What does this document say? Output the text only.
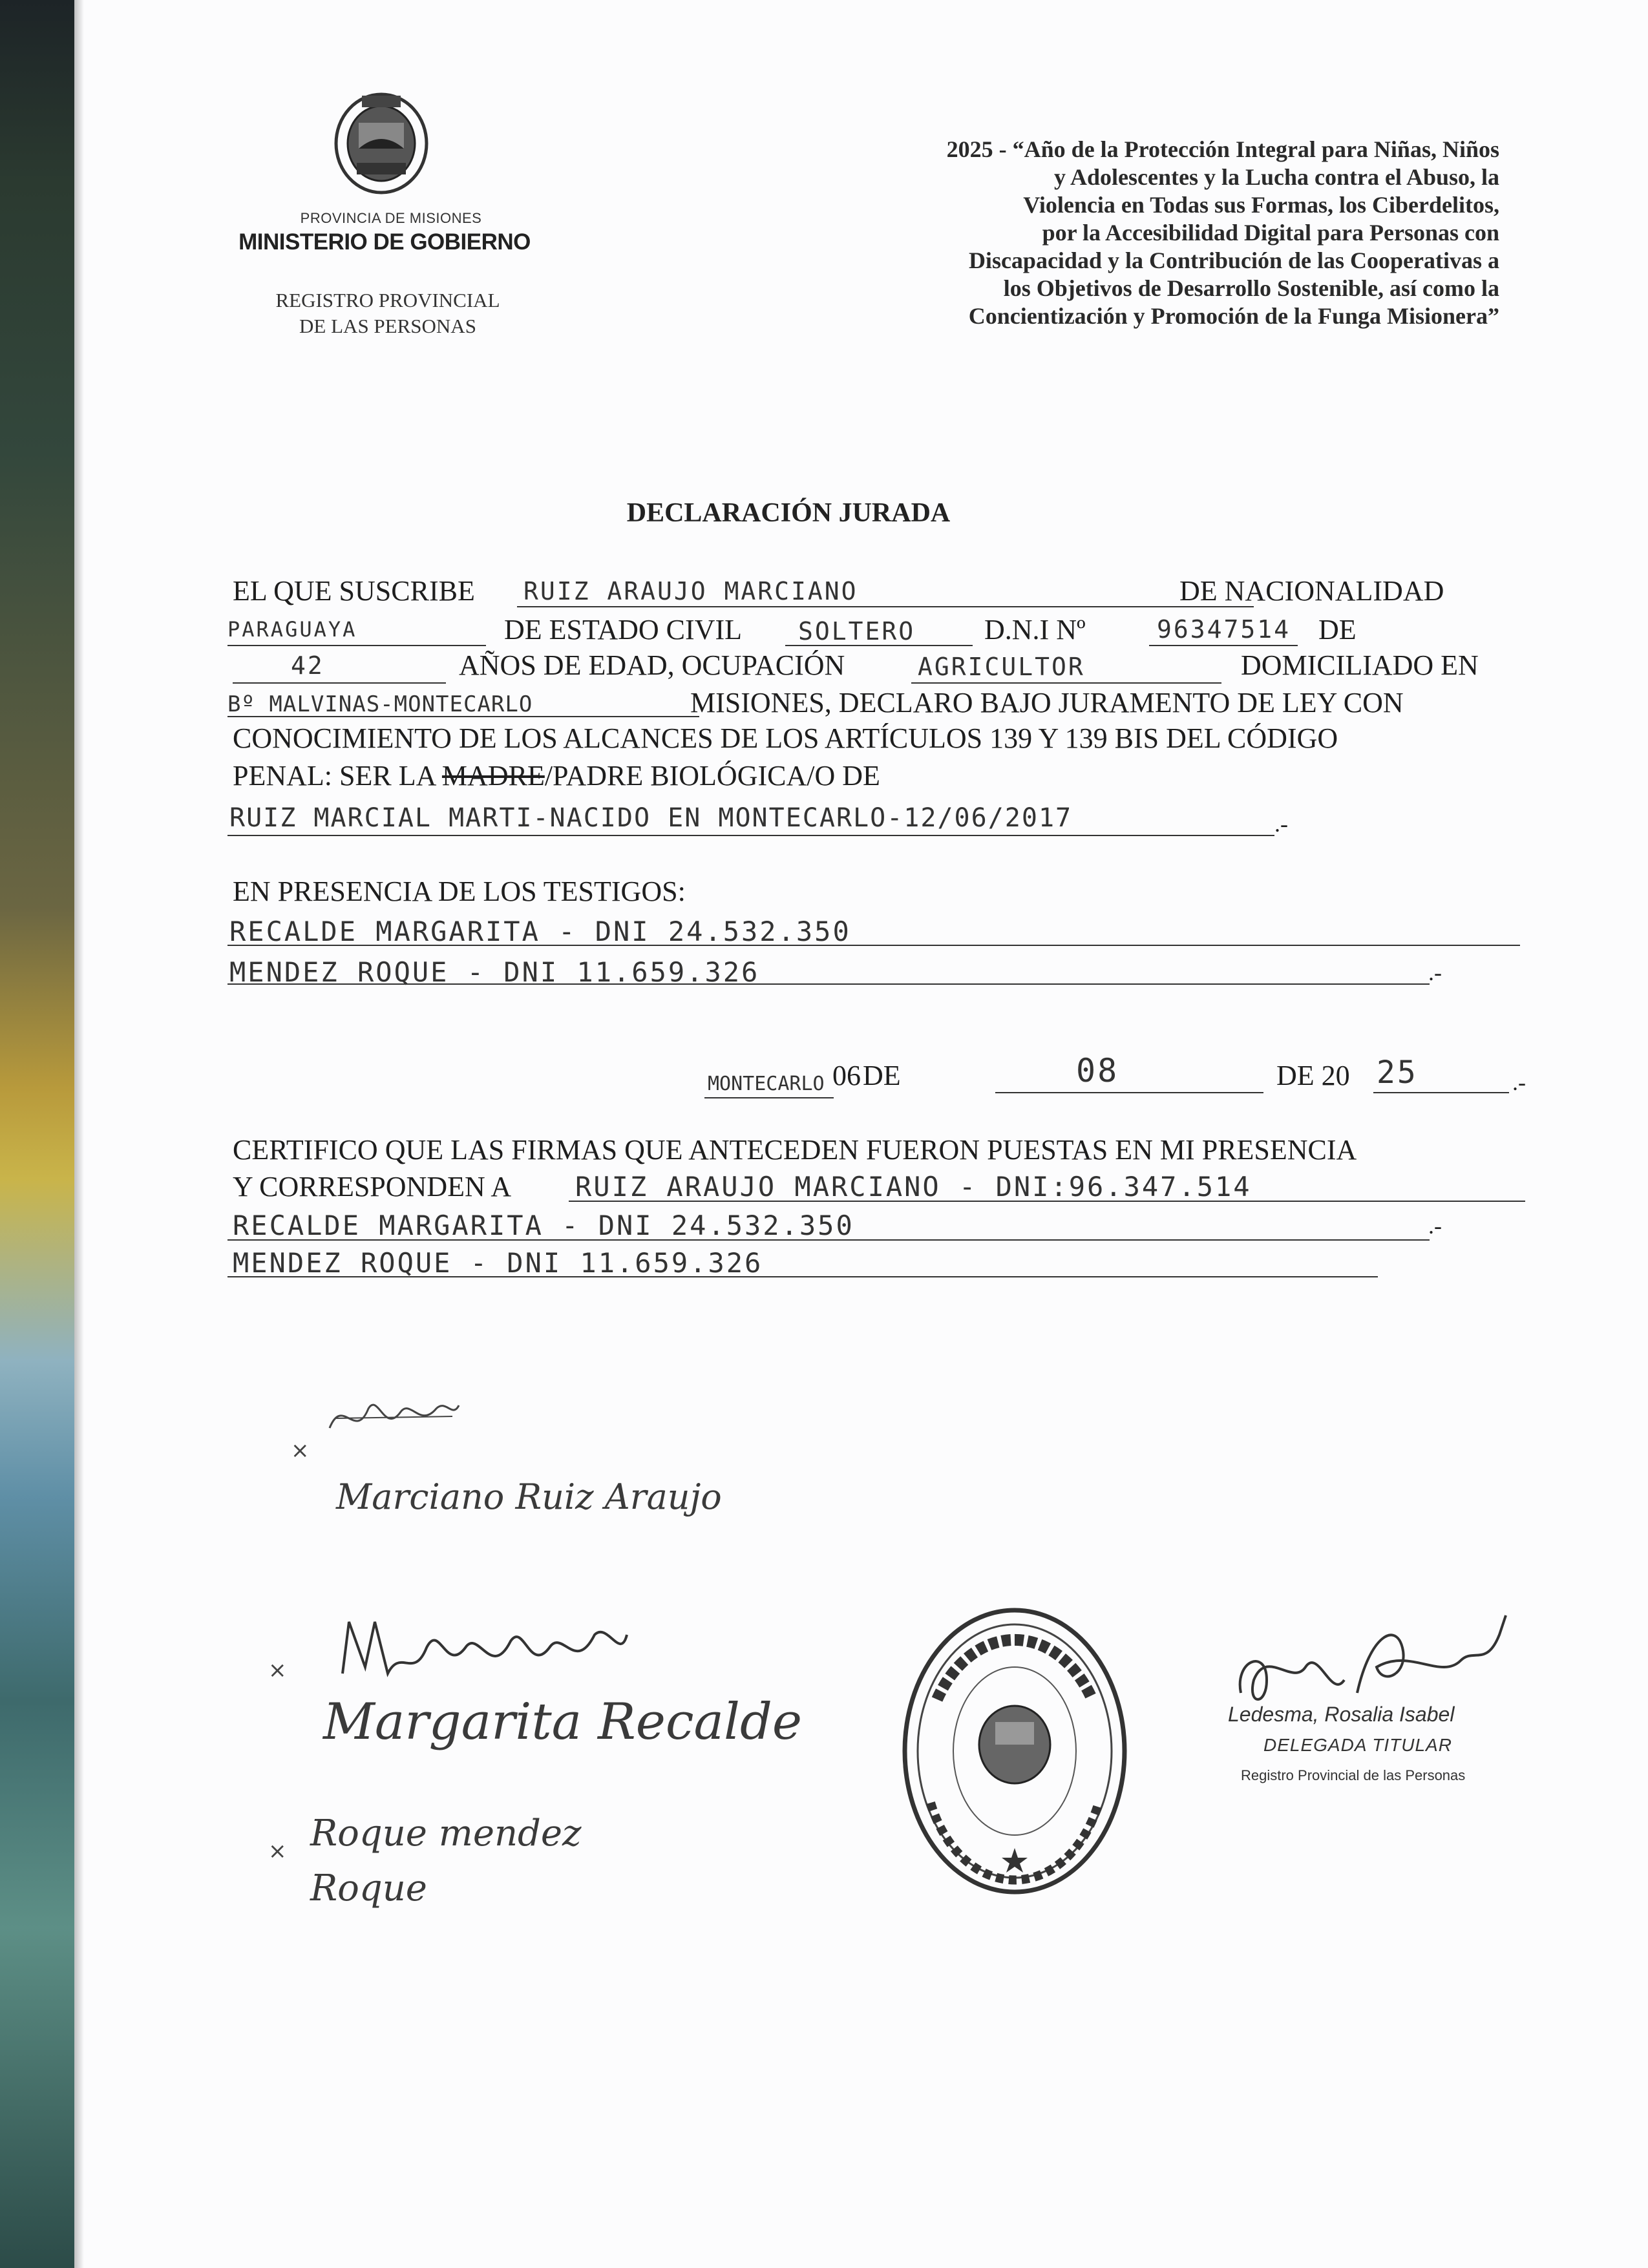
PROVINCIA DE MISIONES
MINISTERIO DE GOBIERNO
REGISTRO PROVINCIAL
DE LAS PERSONAS
2025 - “Año de la Protección Integral para Niñas, Niños
y Adolescentes y la Lucha contra el Abuso, la
Violencia en Todas sus Formas, los Ciberdelitos,
por la Accesibilidad Digital para Personas con
Discapacidad y la Contribución de las Cooperativas a
los Objetivos de Desarrollo Sostenible, así como la
Concientización y Promoción de la Funga Misionera”
DECLARACIÓN JURADA
EL QUE SUSCRIBE RUIZ ARAUJO MARCIANO	DE NACIONALIDAD
PARAGUAYA	DE ESTADO CIVIL SOLTERO D.N.I Nº	96347514 DE
42	AÑOS DE EDAD, OCUPACIÓN	AGRICULTOR	DOMICILIADO EN
Bº MALVINAS-MONTECARLO	MISIONES, DECLARO BAJO JURAMENTO DE LEY CON
CONOCIMIENTO DE LOS ALCANCES DE LOS ARTÍCULOS 139 Y 139 BIS DEL CÓDIGO
PENAL: SER LA MADRE/PADRE BIOLÓGICA/O DE
RUIZ MARCIAL MARTI-NACIDO EN MONTECARLO-12/06/2017	.-
EN PRESENCIA DE LOS TESTIGOS:
RECALDE MARGARITA - DNI 24.532.350
MENDEZ ROQUE - DNI 11.659.326	.-
MONTECARLO 06 DE	08	DE 20 25	.-
CERTIFICO QUE LAS FIRMAS QUE ANTECEDEN FUERON PUESTAS EN MI PRESENCIA
Y CORRESPONDEN A RUIZ ARAUJO MARCIANO - DNI:96.347.514
RECALDE MARGARITA - DNI 24.532.350	.-
MENDEZ ROQUE - DNI 11.659.326
×
Marciano Ruiz Araujo
×
Margarita Recalde
× Roque mendez
Roque
Ledesma, Rosalia Isabel
DELEGADA TITULAR
Registro Provincial de las Personas
